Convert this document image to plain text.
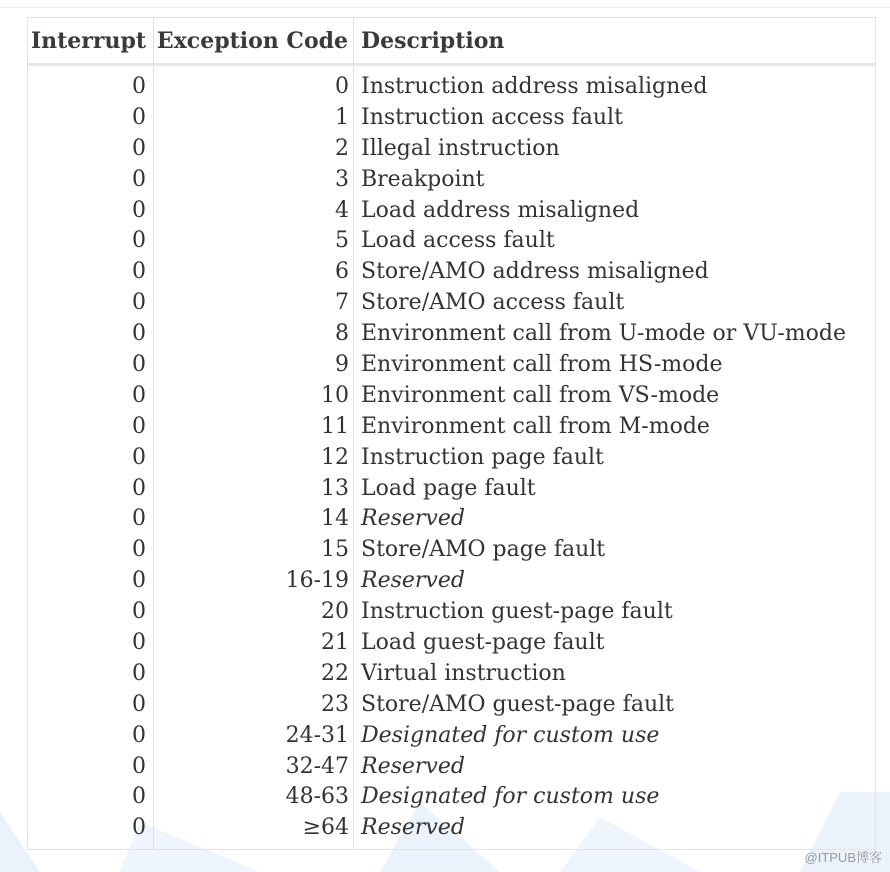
Interrupt Exception Code Description
0	0 Instruction address misaligned
0	1 Instruction access fault
0	2 Illegal instruction
0	3 Breakpoint
0	4 Load address misaligned
0	5 Load access fault
0	6 Store/AMO address misaligned
0	7 Store/AMO access fault
0	8 Environment call from U-mode or VU-mode
0	9 Environment call from HS-mode
0	10 Environment call from VS-mode
0	11 Environment call from M-mode
0	12 Instruction page fault
0	13 Load page fault
0	14 Reserved
0	15 Store/AMO page fault
0	16-19 Reserved
0	20 Instruction guest-page fault
0	21 Load guest-page fault
0	22 Virtual instruction
0	23 Store/AMO guest-page fault
0	24-31 Designated for custom use
0	32-47 Reserved
0	48-63 Designated for custom use
0	≥64 Reserved
@ITPUB博客
